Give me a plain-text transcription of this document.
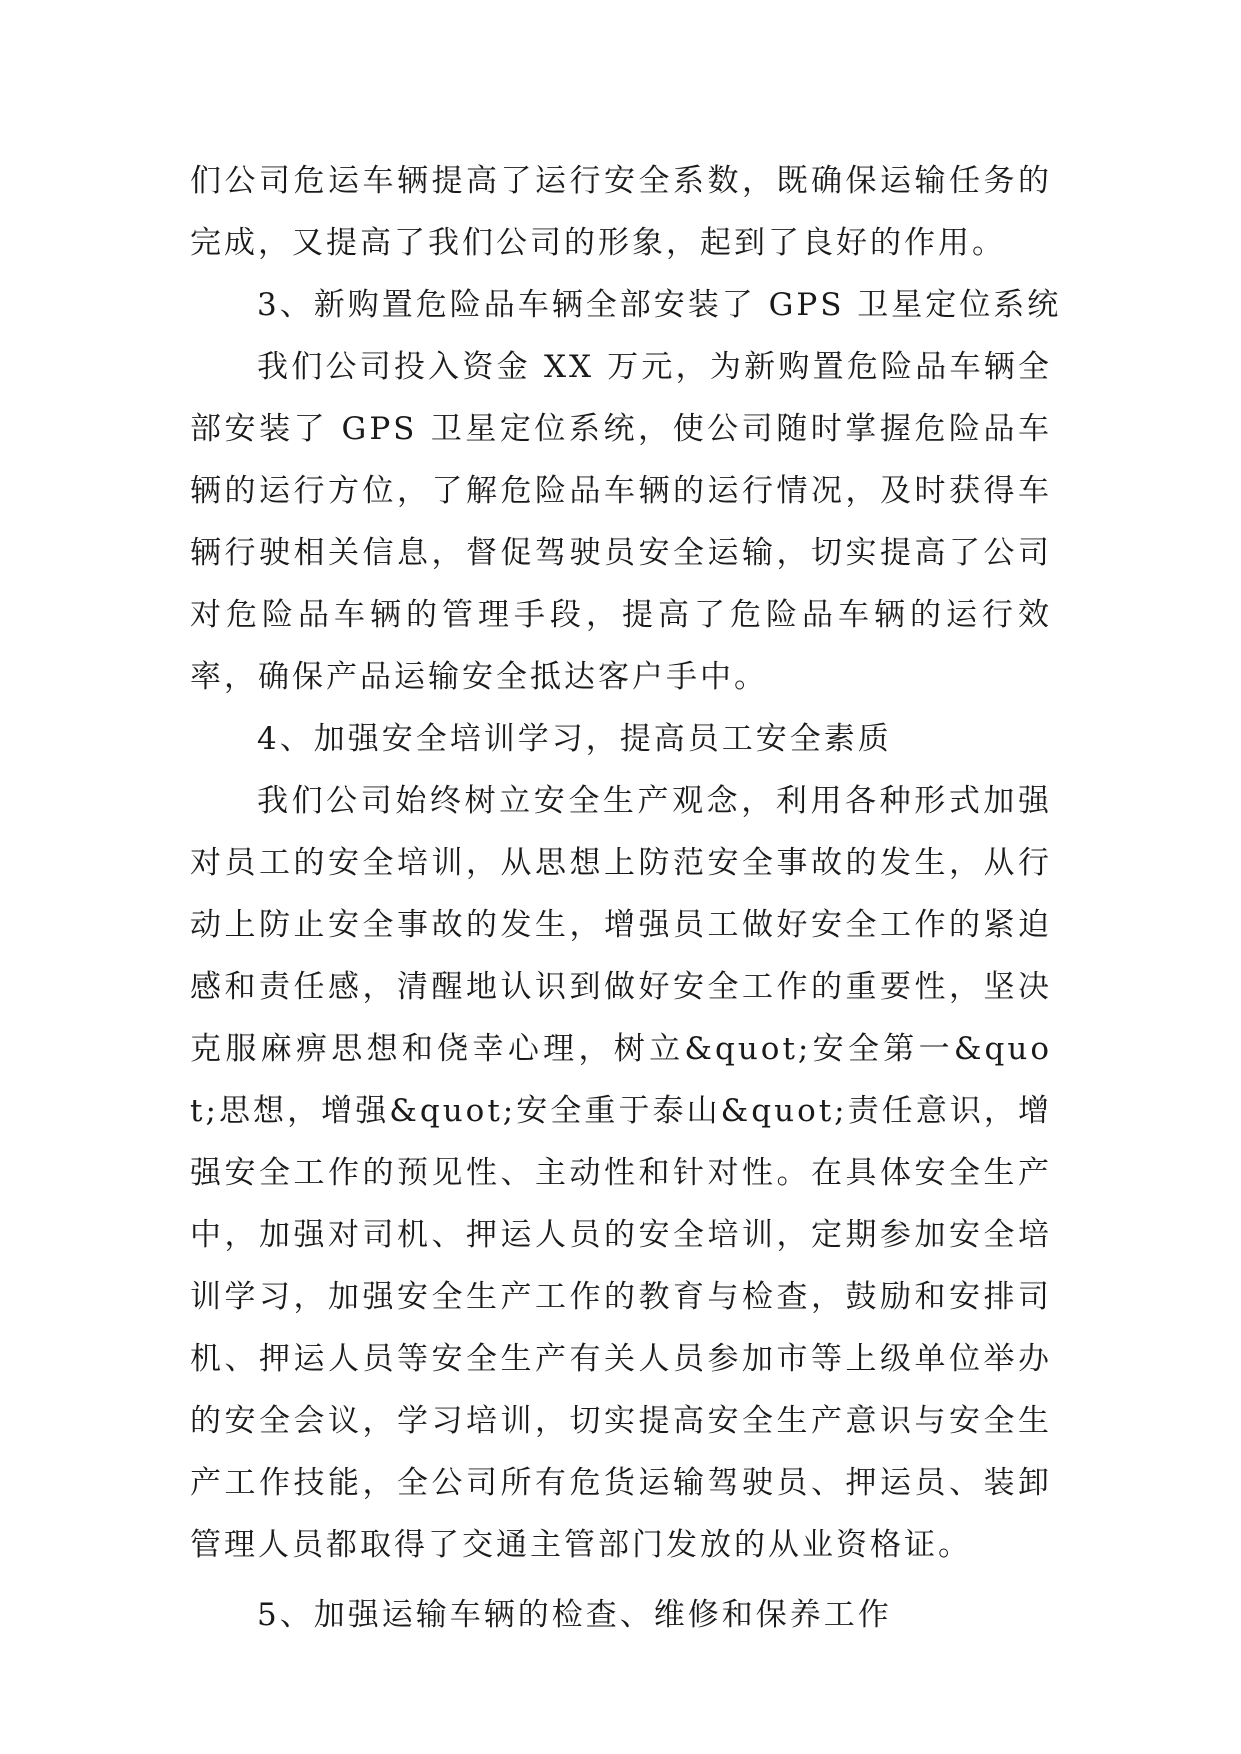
们公司危运车辆提高了运行安全系数，既确保运输任务的完成，又提高了我们公司的形象，起到了良好的作用。

3、新购置危险品车辆全部安装了 GPS 卫星定位系统

我们公司投入资金 XX 万元，为新购置危险品车辆全部安装了 GPS 卫星定位系统，使公司随时掌握危险品车辆的运行方位，了解危险品车辆的运行情况，及时获得车辆行驶相关信息，督促驾驶员安全运输，切实提高了公司对危险品车辆的管理手段，提高了危险品车辆的运行效率，确保产品运输安全抵达客户手中。

4、加强安全培训学习，提高员工安全素质

我们公司始终树立安全生产观念，利用各种形式加强对员工的安全培训，从思想上防范安全事故的发生，从行动上防止安全事故的发生，增强员工做好安全工作的紧迫感和责任感，清醒地认识到做好安全工作的重要性，坚决克服麻痹思想和侥幸心理，树立&quot;安全第一&quot;思想，增强&quot;安全重于泰山&quot;责任意识，增强安全工作的预见性、主动性和针对性。在具体安全生产中，加强对司机、押运人员的安全培训，定期参加安全培训学习，加强安全生产工作的教育与检查，鼓励和安排司机、押运人员等安全生产有关人员参加市等上级单位举办的安全会议，学习培训，切实提高安全生产意识与安全生产工作技能，全公司所有危货运输驾驶员、押运员、装卸管理人员都取得了交通主管部门发放的从业资格证。

5、加强运输车辆的检查、维修和保养工作
